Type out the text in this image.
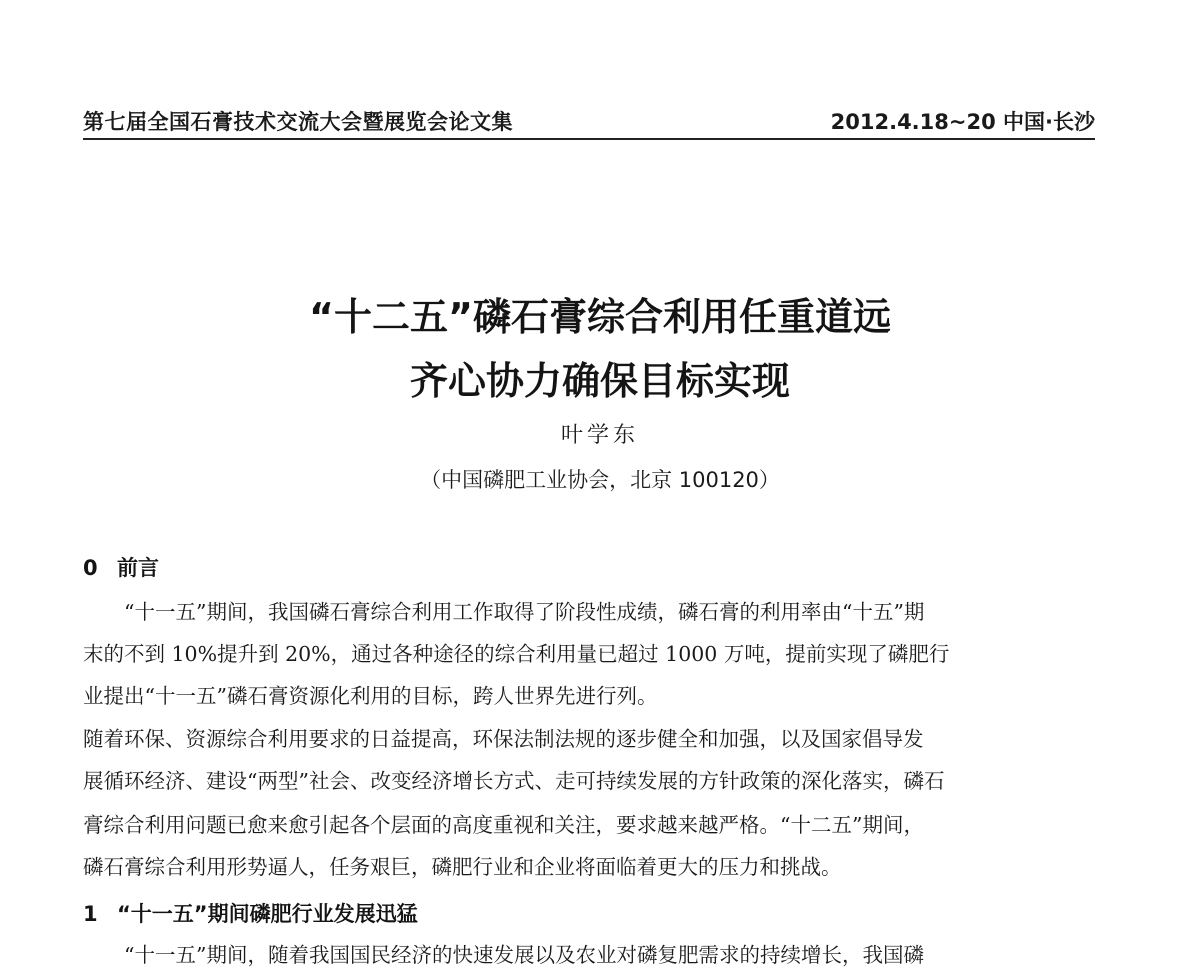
第七届全国石膏技术交流大会暨展览会论文集	2012.4.18~20 中国·长沙
“十二五”磷石膏综合利用任重道远
齐心协力确保目标实现
叶学东
（中国磷肥工业协会，北京 100120）
0 前言
“十一五”期间，我国磷石膏综合利用工作取得了阶段性成绩，磷石膏的利用率由“十五”期
末的不到 10%提升到 20%，通过各种途径的综合利用量已超过 1000 万吨，提前实现了磷肥行
业提出“十一五”磷石膏资源化利用的目标，跨人世界先进行列。
随着环保、资源综合利用要求的日益提高，环保法制法规的逐步健全和加强，以及国家倡导发
展循环经济、建设“两型”社会、改变经济增长方式、走可持续发展的方针政策的深化落实，磷石
膏综合利用问题已愈来愈引起各个层面的高度重视和关注，要求越来越严格。“十二五”期间，
磷石膏综合利用形势逼人，任务艰巨，磷肥行业和企业将面临着更大的压力和挑战。
1 “十一五”期间磷肥行业发展迅猛
“十一五”期间，随着我国国民经济的快速发展以及农业对磷复肥需求的持续增长，我国磷
